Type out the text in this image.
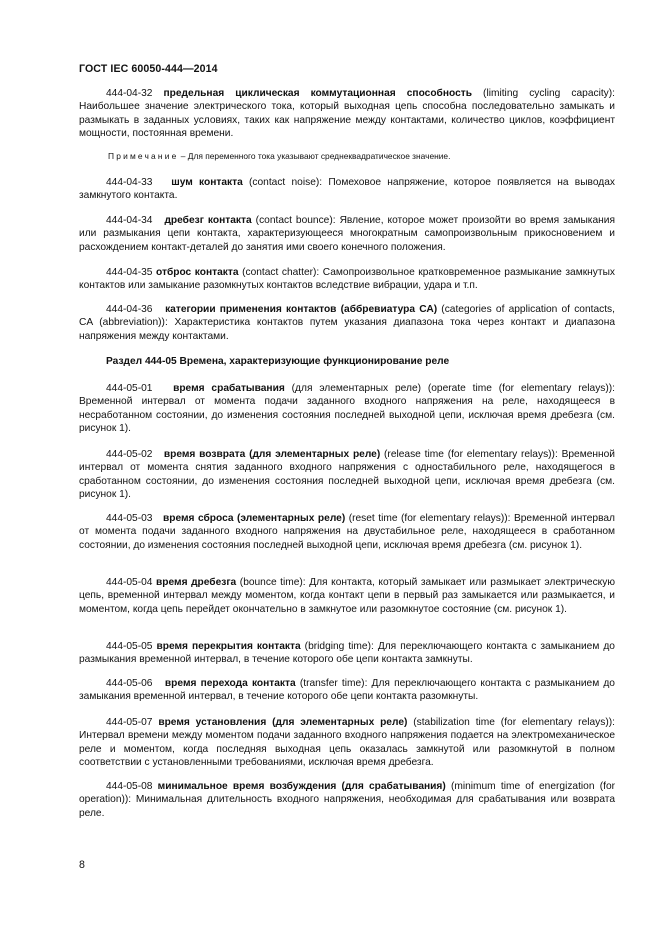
ГОСТ IEC 60050-444—2014

444-04-32 предельная циклическая коммутационная способность (limiting cycling capacity): Наибольшее значение электрического тока, который выходная цепь способна последовательно замыкать и размыкать в заданных условиях, таких как напряжение между контактами, количество циклов, коэффициент мощности, постоянная времени.

Примечание – Для переменного тока указывают среднеквадратическое значение.

444-04-33 шум контакта (contact noise): Помеховое напряжение, которое появляется на выводах замкнутого контакта.

444-04-34 дребезг контакта (contact bounce): Явление, которое может произойти во время замыкания или размыкания цепи контакта, характеризующееся многократным самопроизвольным прикосновением и расхождением контакт-деталей до занятия ими своего конечного положения.

444-04-35 отброс контакта (contact chatter): Самопроизвольное кратковременное размыкание замкнутых контактов или замыкание разомкнутых контактов вследствие вибрации, удара и т.п.

444-04-36 категории применения контактов (аббревиатура СА) (categories of application of contacts, CA (abbreviation)): Характеристика контактов путем указания диапазона тока через контакт и диапазона напряжения между контактами.

Раздел 444-05 Времена, характеризующие функционирование реле

444-05-01 время срабатывания (для элементарных реле) (operate time (for elementary relays)): Временной интервал от момента подачи заданного входного напряжения на реле, находящееся в несработанном состоянии, до изменения состояния последней выходной цепи, исключая время дребезга (см. рисунок 1).

444-05-02 время возврата (для элементарных реле) (release time (for elementary relays)): Временной интервал от момента снятия заданного входного напряжения с одностабильного реле, находящегося в сработанном состоянии, до изменения состояния последней выходной цепи, исключая время дребезга (см. рисунок 1).

444-05-03 время сброса (элементарных реле) (reset time (for elementary relays)): Временной интервал от момента подачи заданного входного напряжения на двустабильное реле, находящееся в сработанном состоянии, до изменения состояния последней выходной цепи, исключая время дребезга (см. рисунок 1).

444-05-04 время дребезга (bounce time): Для контакта, который замыкает или размыкает электрическую цепь, временной интервал между моментом, когда контакт цепи в первый раз замыкается или размыкается, и моментом, когда цепь перейдет окончательно в замкнутое или разомкнутое состояние (см. рисунок 1).

444-05-05 время перекрытия контакта (bridging time): Для переключающего контакта с замыканием до размыкания временной интервал, в течение которого обе цепи контакта замкнуты.

444-05-06 время перехода контакта (transfer time): Для переключающего контакта с размыканием до замыкания временной интервал, в течение которого обе цепи контакта разомкнуты.

444-05-07 время установления (для элементарных реле) (stabilization time (for elementary relays)): Интервал времени между моментом подачи заданного входного напряжения подается на электромеханическое реле и моментом, когда последняя выходная цепь оказалась замкнутой или разомкнутой в полном соответствии с установленными требованиями, исключая время дребезга.

444-05-08 минимальное время возбуждения (для срабатывания) (minimum time of energization (for operation)): Минимальная длительность входного напряжения, необходимая для срабатывания или возврата реле.

8
